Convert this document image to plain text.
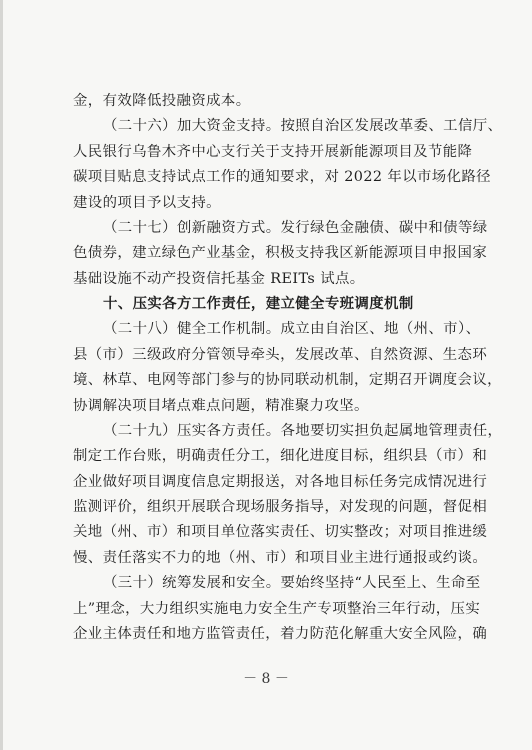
金，有效降低投融资成本。
（二十六）加大资金支持。按照自治区发展改革委、工信厅、
人民银行乌鲁木齐中心支行关于支持开展新能源项目及节能降
碳项目贴息支持试点工作的通知要求，对 2022 年以市场化路径
建设的项目予以支持。
（二十七）创新融资方式。发行绿色金融债、碳中和债等绿
色债券，建立绿色产业基金，积极支持我区新能源项目申报国家
基础设施不动产投资信托基金 REITs 试点。
十、压实各方工作责任，建立健全专班调度机制
（二十八）健全工作机制。成立由自治区、地（州、市）、
县（市）三级政府分管领导牵头，发展改革、自然资源、生态环
境、林草、电网等部门参与的协同联动机制，定期召开调度会议，
协调解决项目堵点难点问题，精准聚力攻坚。
（二十九）压实各方责任。各地要切实担负起属地管理责任，
制定工作台账，明确责任分工，细化进度目标，组织县（市）和
企业做好项目调度信息定期报送，对各地目标任务完成情况进行
监测评价，组织开展联合现场服务指导，对发现的问题，督促相
关地（州、市）和项目单位落实责任、切实整改；对项目推进缓
慢、责任落实不力的地（州、市）和项目业主进行通报或约谈。
（三十）统筹发展和安全。要始终坚持“人民至上、生命至
上”理念，大力组织实施电力安全生产专项整治三年行动，压实
企业主体责任和地方监管责任，着力防范化解重大安全风险，确
－ 8 －
